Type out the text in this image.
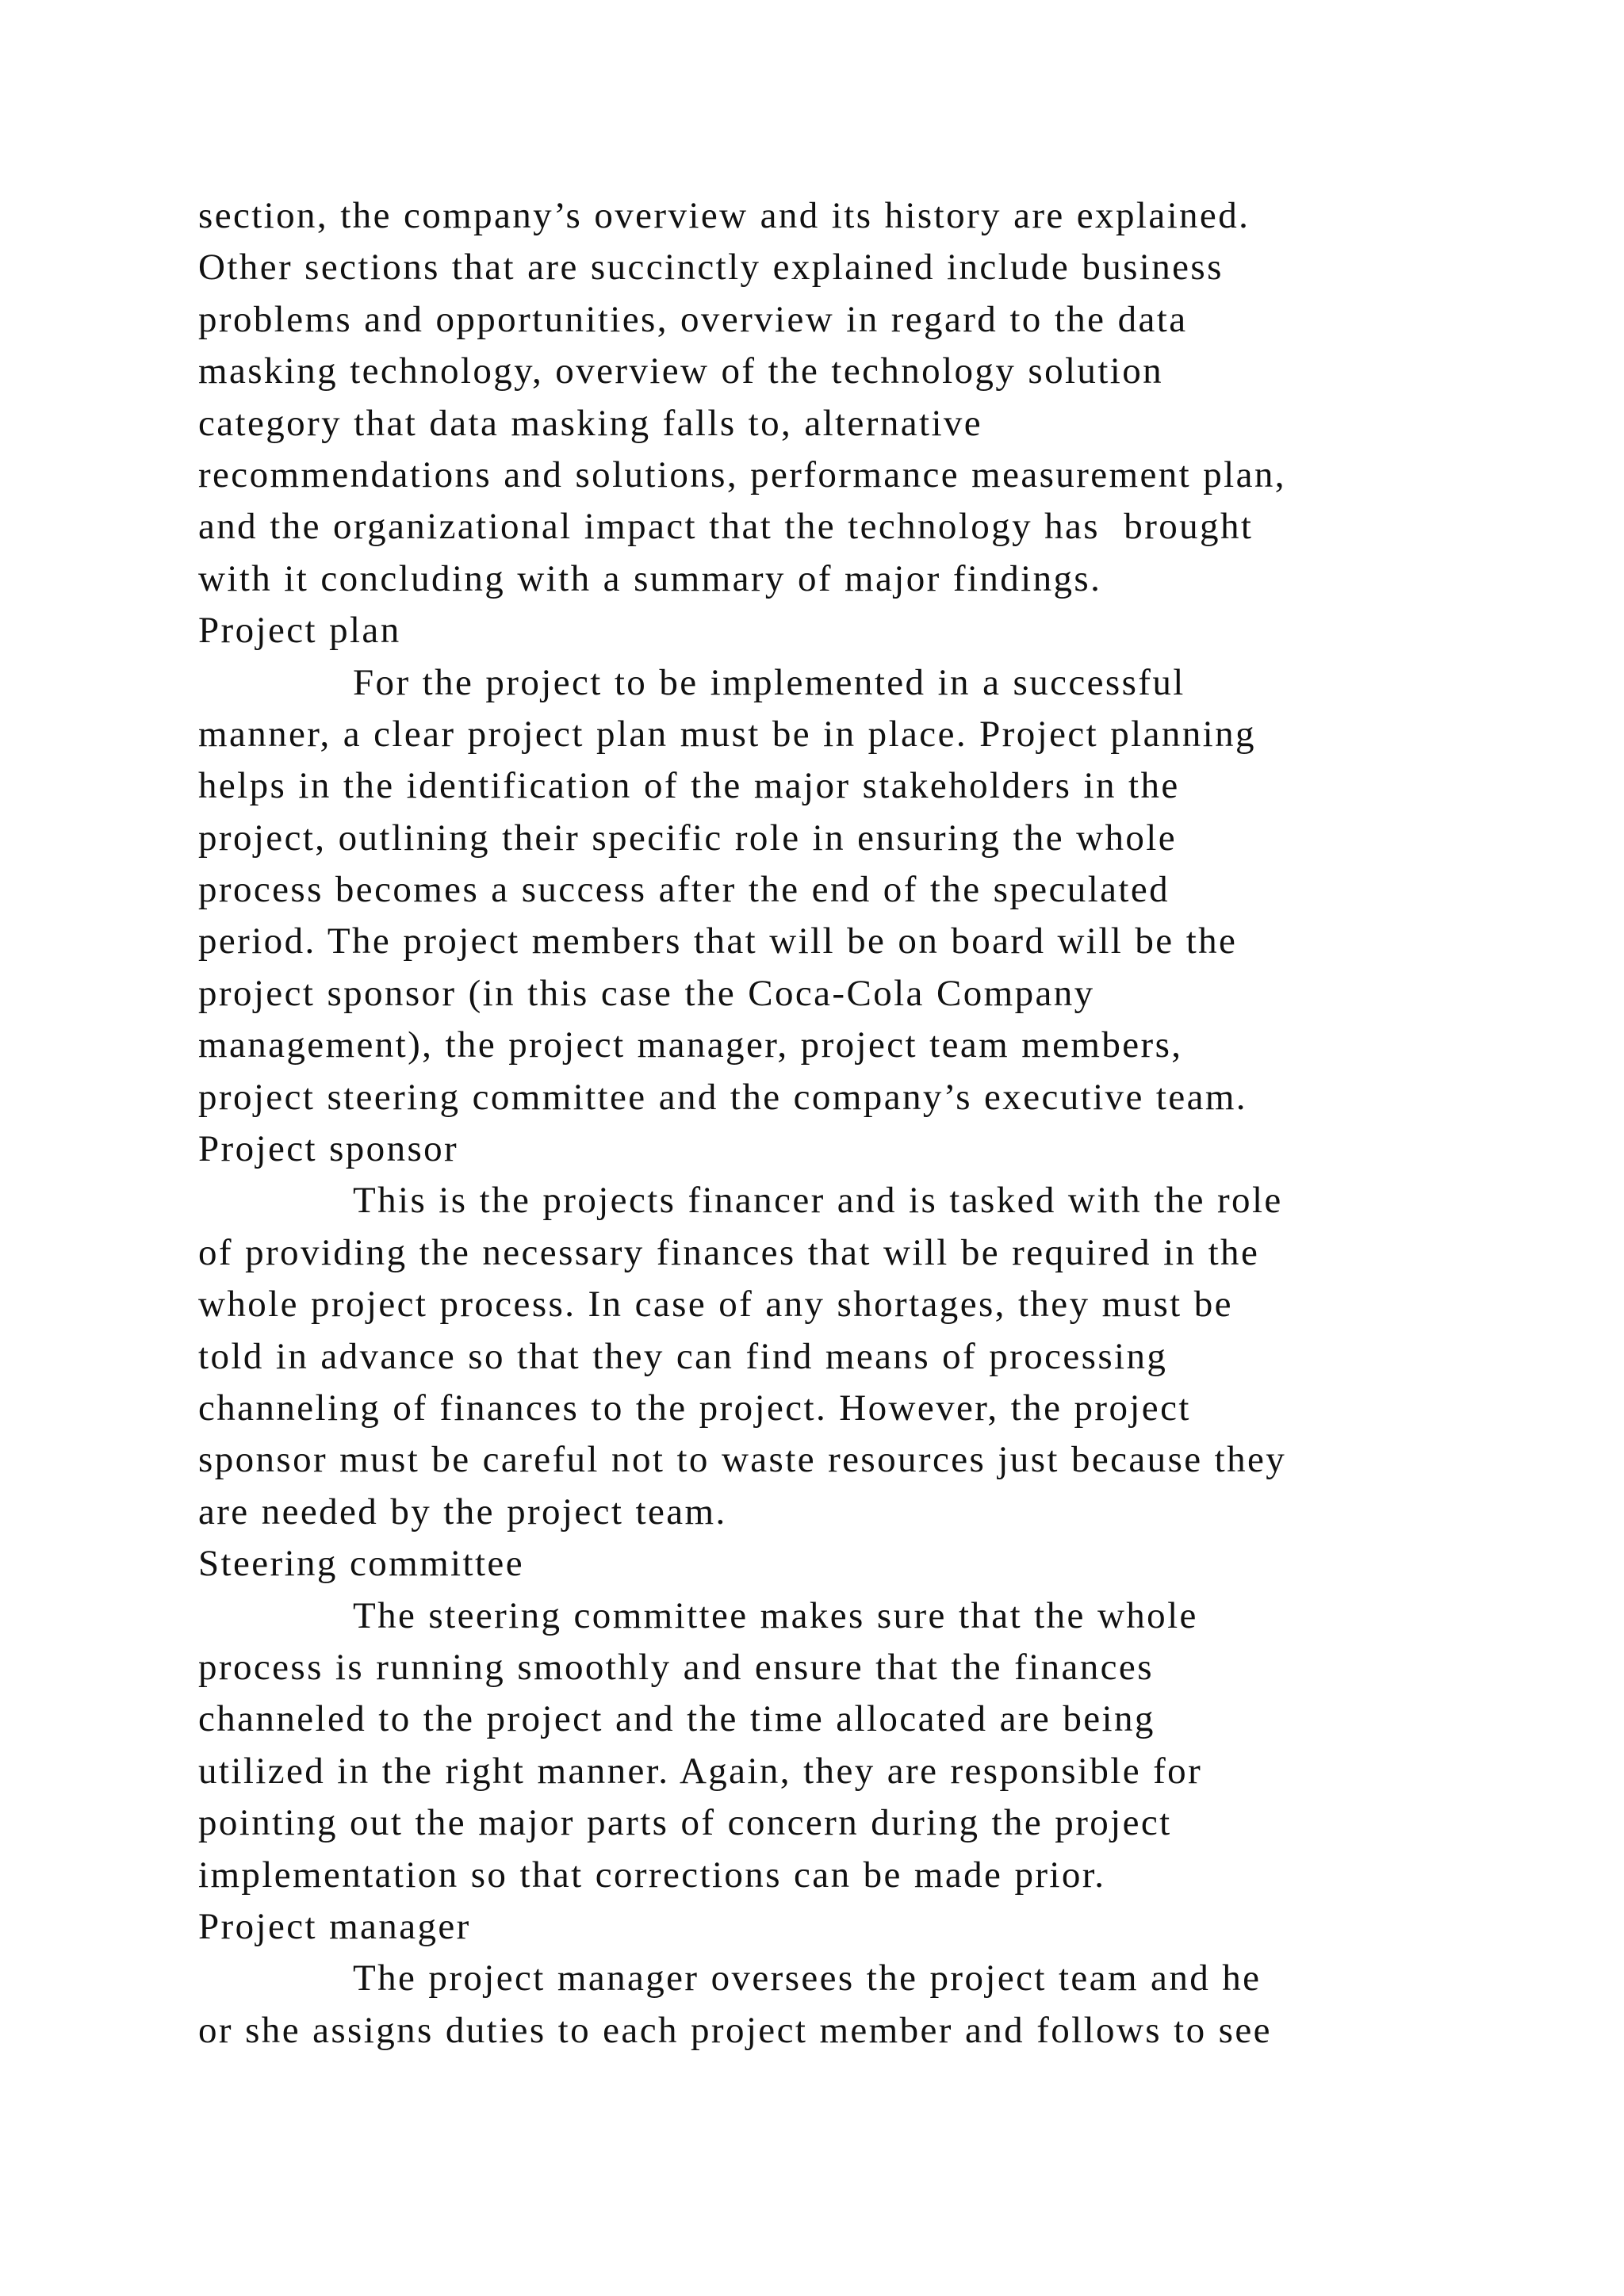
section, the company’s overview and its history are explained.
Other sections that are succinctly explained include business
problems and opportunities, overview in regard to the data
masking technology, overview of the technology solution
category that data masking falls to, alternative
recommendations and solutions, performance measurement plan,
and the organizational impact that the technology has  brought
with it concluding with a summary of major findings.
Project plan
For the project to be implemented in a successful
manner, a clear project plan must be in place. Project planning
helps in the identification of the major stakeholders in the
project, outlining their specific role in ensuring the whole
process becomes a success after the end of the speculated
period. The project members that will be on board will be the
project sponsor (in this case the Coca-Cola Company
management), the project manager, project team members,
project steering committee and the company’s executive team.
Project sponsor
This is the projects financer and is tasked with the role
of providing the necessary finances that will be required in the
whole project process. In case of any shortages, they must be
told in advance so that they can find means of processing
channeling of finances to the project. However, the project
sponsor must be careful not to waste resources just because they
are needed by the project team.
Steering committee
The steering committee makes sure that the whole
process is running smoothly and ensure that the finances
channeled to the project and the time allocated are being
utilized in the right manner. Again, they are responsible for
pointing out the major parts of concern during the project
implementation so that corrections can be made prior.
Project manager
The project manager oversees the project team and he
or she assigns duties to each project member and follows to see
